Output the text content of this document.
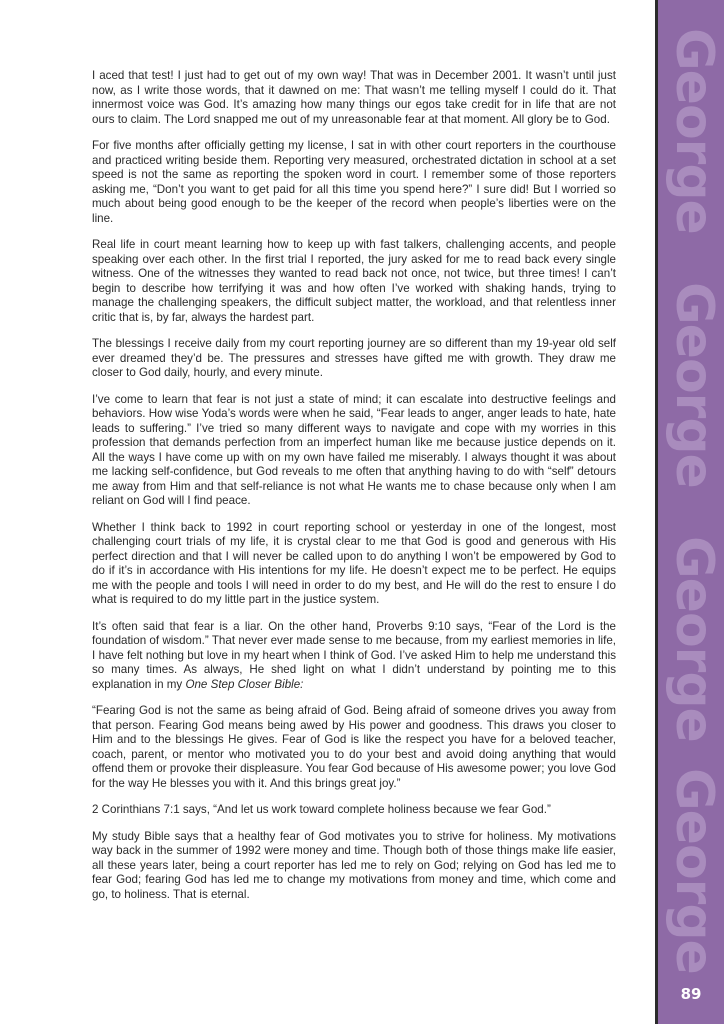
I aced that test! I just had to get out of my own way! That was in December 2001. It wasn’t until just now, as I write those words, that it dawned on me: That wasn’t me telling myself I could do it. That innermost voice was God. It’s amazing how many things our egos take credit for in life that are not ours to claim. The Lord snapped me out of my unreasonable fear at that moment. All glory be to God.

For five months after officially getting my license, I sat in with other court reporters in the courthouse and practiced writing beside them. Reporting very measured, orchestrated dictation in school at a set speed is not the same as reporting the spoken word in court. I remember some of those reporters asking me, “Don’t you want to get paid for all this time you spend here?” I sure did! But I worried so much about being good enough to be the keeper of the record when people’s liberties were on the line.

Real life in court meant learning how to keep up with fast talkers, challenging accents, and people speaking over each other. In the first trial I reported, the jury asked for me to read back every single witness. One of the witnesses they wanted to read back not once, not twice, but three times! I can’t begin to describe how terrifying it was and how often I’ve worked with shaking hands, trying to manage the challenging speakers, the difficult subject matter, the workload, and that relentless inner critic that is, by far, always the hardest part.

The blessings I receive daily from my court reporting journey are so different than my 19-year old self ever dreamed they’d be. The pressures and stresses have gifted me with growth. They draw me closer to God daily, hourly, and every minute.

I’ve come to learn that fear is not just a state of mind; it can escalate into destructive feelings and behaviors. How wise Yoda’s words were when he said, “Fear leads to anger, anger leads to hate, hate leads to suffering.” I’ve tried so many different ways to navigate and cope with my worries in this profession that demands perfection from an imperfect human like me because justice depends on it. All the ways I have come up with on my own have failed me miserably. I always thought it was about me lacking self-confidence, but God reveals to me often that anything having to do with “self” detours me away from Him and that self-reliance is not what He wants me to chase because only when I am reliant on God will I find peace.

Whether I think back to 1992 in court reporting school or yesterday in one of the longest, most challenging court trials of my life, it is crystal clear to me that God is good and generous with His perfect direction and that I will never be called upon to do anything I won’t be empowered by God to do if it’s in accordance with His intentions for my life. He doesn’t expect me to be perfect. He equips me with the people and tools I will need in order to do my best, and He will do the rest to ensure I do what is required to do my little part in the justice system.

It’s often said that fear is a liar. On the other hand, Proverbs 9:10 says, “Fear of the Lord is the foundation of wisdom.” That never ever made sense to me because, from my earliest memories in life, I have felt nothing but love in my heart when I think of God. I’ve asked Him to help me understand this so many times. As always, He shed light on what I didn’t understand by pointing me to this explanation in my One Step Closer Bible:

“Fearing God is not the same as being afraid of God. Being afraid of someone drives you away from that person. Fearing God means being awed by His power and goodness. This draws you closer to Him and to the blessings He gives. Fear of God is like the respect you have for a beloved teacher, coach, parent, or mentor who motivated you to do your best and avoid doing anything that would offend them or provoke their displeasure. You fear God because of His awesome power; you love God for the way He blesses you with it. And this brings great joy.”

2 Corinthians 7:1 says, “And let us work toward complete holiness because we fear God.”

My study Bible says that a healthy fear of God motivates you to strive for holiness. My motivations way back in the summer of 1992 were money and time. Though both of those things make life easier, all these years later, being a court reporter has led me to rely on God; relying on God has led me to fear God; fearing God has led me to change my motivations from money and time, which come and go, to holiness. That is eternal.

George
George
George
George
89
